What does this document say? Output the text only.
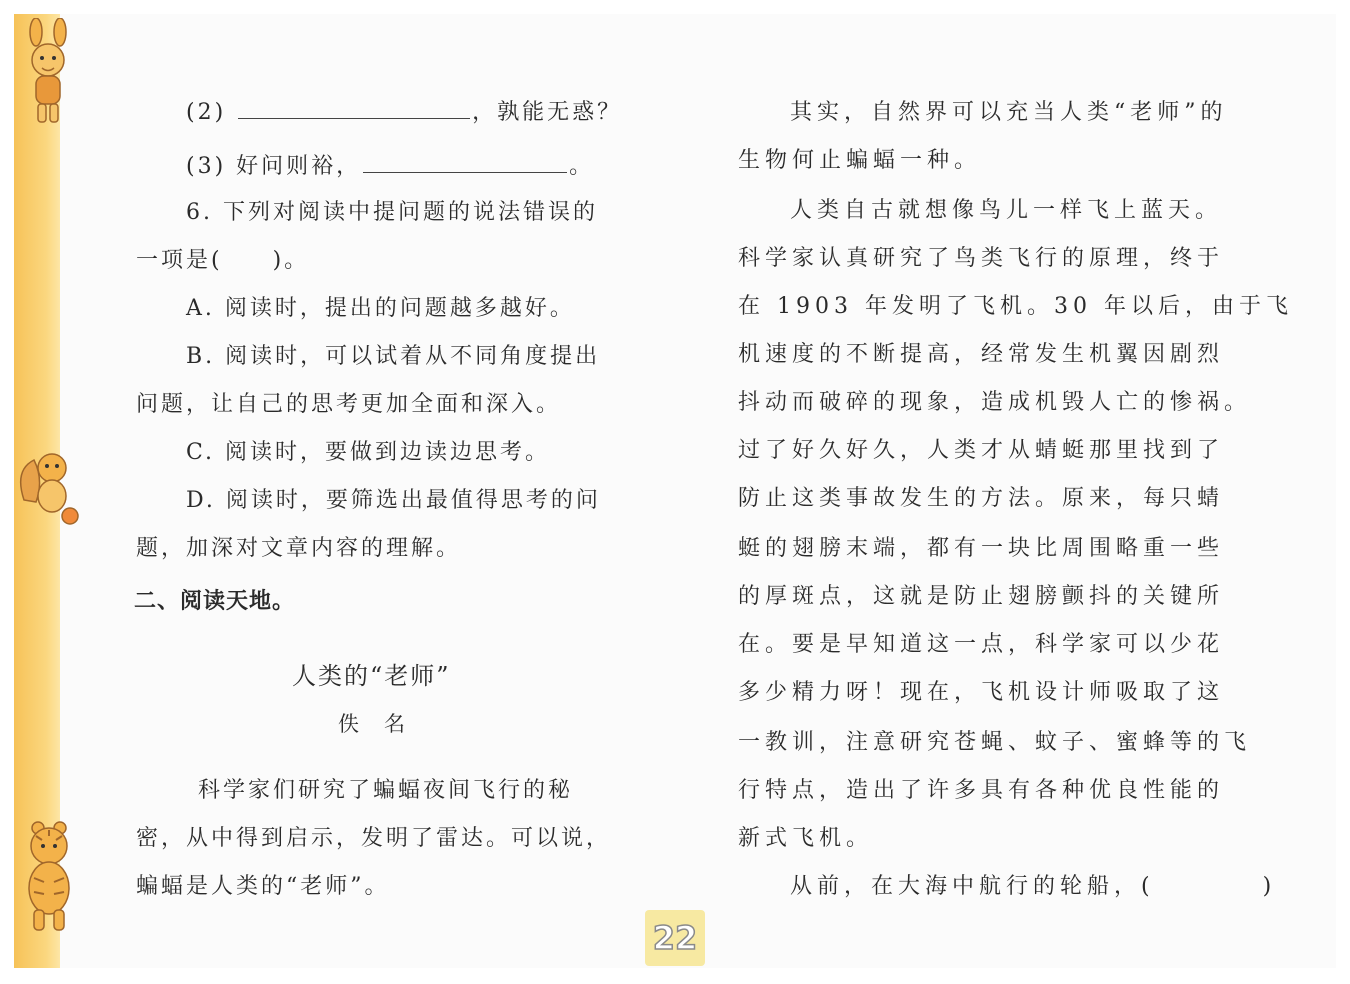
(2)	，孰能无惑？
(3) 好问则裕，	。
6. 下列对阅读中提问题的说法错误的
一项是(　　)。
A. 阅读时，提出的问题越多越好。
B. 阅读时，可以试着从不同角度提出
问题，让自己的思考更加全面和深入。
C. 阅读时，要做到边读边思考。
D. 阅读时，要筛选出最值得思考的问
题，加深对文章内容的理解。
二、阅读天地。
人类的“老师”
佚　名
科学家们研究了蝙蝠夜间飞行的秘
密，从中得到启示，发明了雷达。可以说，
蝙蝠是人类的“老师”。
其实，自然界可以充当人类“老师”的
生物何止蝙蝠一种。
人类自古就想像鸟儿一样飞上蓝天。
科学家认真研究了鸟类飞行的原理，终于
在 1903 年发明了飞机。30 年以后，由于飞
机速度的不断提高，经常发生机翼因剧烈
抖动而破碎的现象，造成机毁人亡的惨祸。
过了好久好久，人类才从蜻蜓那里找到了
防止这类事故发生的方法。原来，每只蜻
蜓的翅膀末端，都有一块比周围略重一些
的厚斑点，这就是防止翅膀颤抖的关键所
在。要是早知道这一点，科学家可以少花
多少精力呀！现在，飞机设计师吸取了这
一教训，注意研究苍蝇、蚊子、蜜蜂等的飞
行特点，造出了许多具有各种优良性能的
新式飞机。
从前，在大海中航行的轮船，(　　　　)
22
